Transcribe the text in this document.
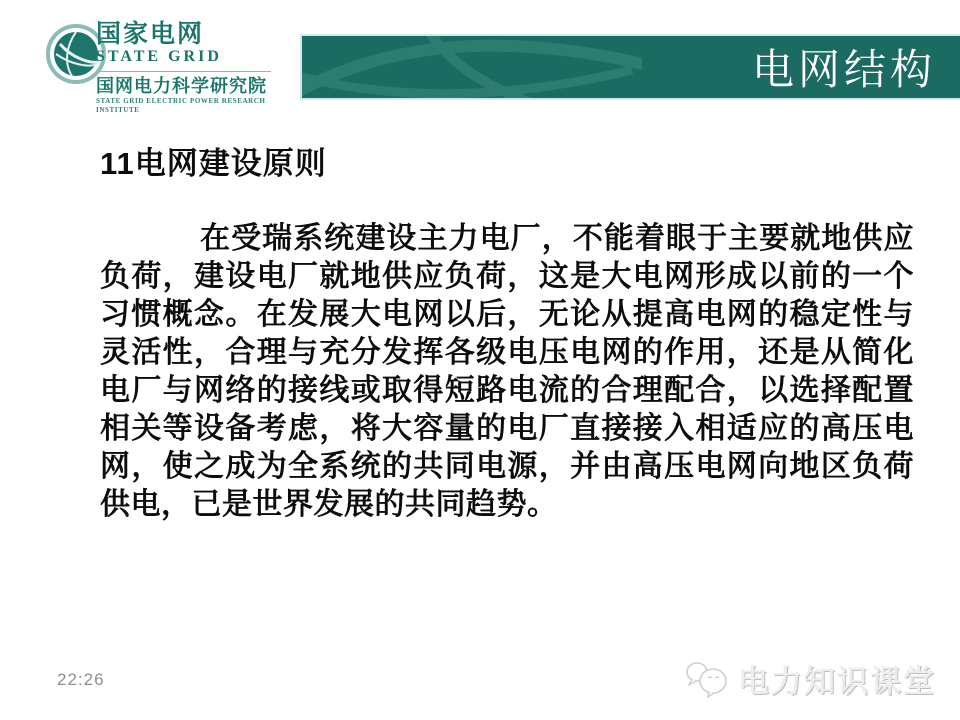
国家电网
STATE GRID
国网电力科学研究院
STATE GRID ELECTRIC POWER RESEARCH INSTITUTE
电网结构
11电网建设原则
在受瑞系统建设主力电厂，不能着眼于主要就地供应负荷，建设电厂就地供应负荷，这是大电网形成以前的一个习惯概念。在发展大电网以后，无论从提高电网的稳定性与灵活性，合理与充分发挥各级电压电网的作用，还是从简化电厂与网络的接线或取得短路电流的合理配合，以选择配置相关等设备考虑，将大容量的电厂直接接入相适应的高压电网，使之成为全系统的共同电源，并由高压电网向地区负荷供电，已是世界发展的共同趋势。
22:26	电力知识课堂
